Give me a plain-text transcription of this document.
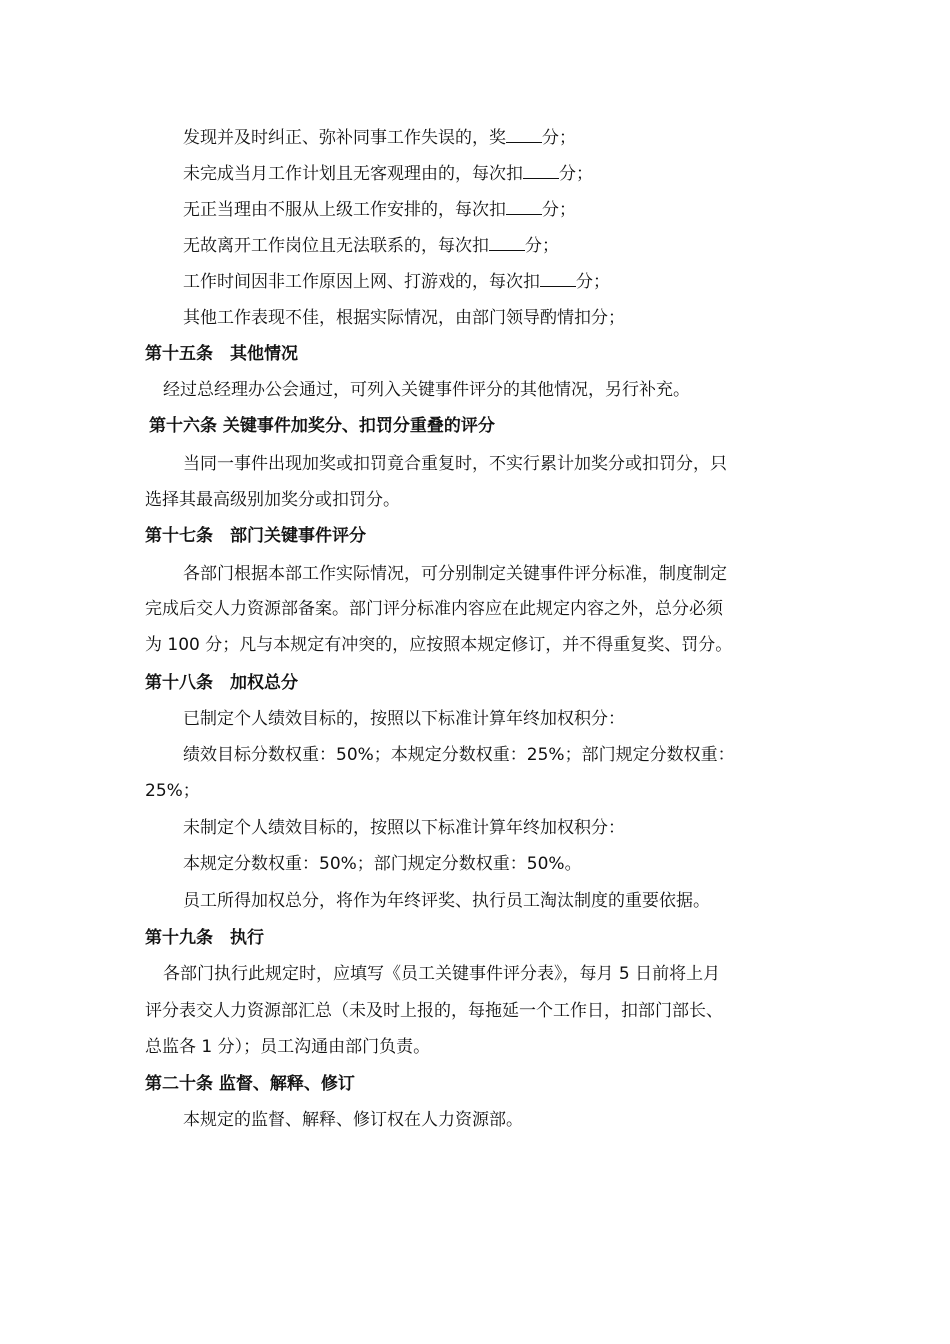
发现并及时纠正、弥补同事工作失误的，奖 分；
未完成当月工作计划且无客观理由的，每次扣 分；
无正当理由不服从上级工作安排的，每次扣 分；
无故离开工作岗位且无法联系的，每次扣 分；
工作时间因非工作原因上网、打游戏的，每次扣 分；
其他工作表现不佳，根据实际情况，由部门领导酌情扣分；
第十五条　其他情况
经过总经理办公会通过，可列入关键事件评分的其他情况，另行补充。
第十六条 关键事件加奖分、扣罚分重叠的评分
当同一事件出现加奖或扣罚竟合重复时，不实行累计加奖分或扣罚分，只
选择其最高级别加奖分或扣罚分。
第十七条　部门关键事件评分
各部门根据本部工作实际情况，可分别制定关键事件评分标准，制度制定
完成后交人力资源部备案。部门评分标准内容应在此规定内容之外，总分必须
为 100 分；凡与本规定有冲突的，应按照本规定修订，并不得重复奖、罚分。
第十八条　加权总分
已制定个人绩效目标的，按照以下标准计算年终加权积分：
绩效目标分数权重：50%；本规定分数权重：25%；部门规定分数权重：
25%；
未制定个人绩效目标的，按照以下标准计算年终加权积分：
本规定分数权重：50%；部门规定分数权重：50%。
员工所得加权总分，将作为年终评奖、执行员工淘汰制度的重要依据。
第十九条　执行
各部门执行此规定时，应填写《员工关键事件评分表》，每月 5 日前将上月
评分表交人力资源部汇总（未及时上报的，每拖延一个工作日，扣部门部长、
总监各 1 分）；员工沟通由部门负责。
第二十条 监督、解释、修订
本规定的监督、解释、修订权在人力资源部。
